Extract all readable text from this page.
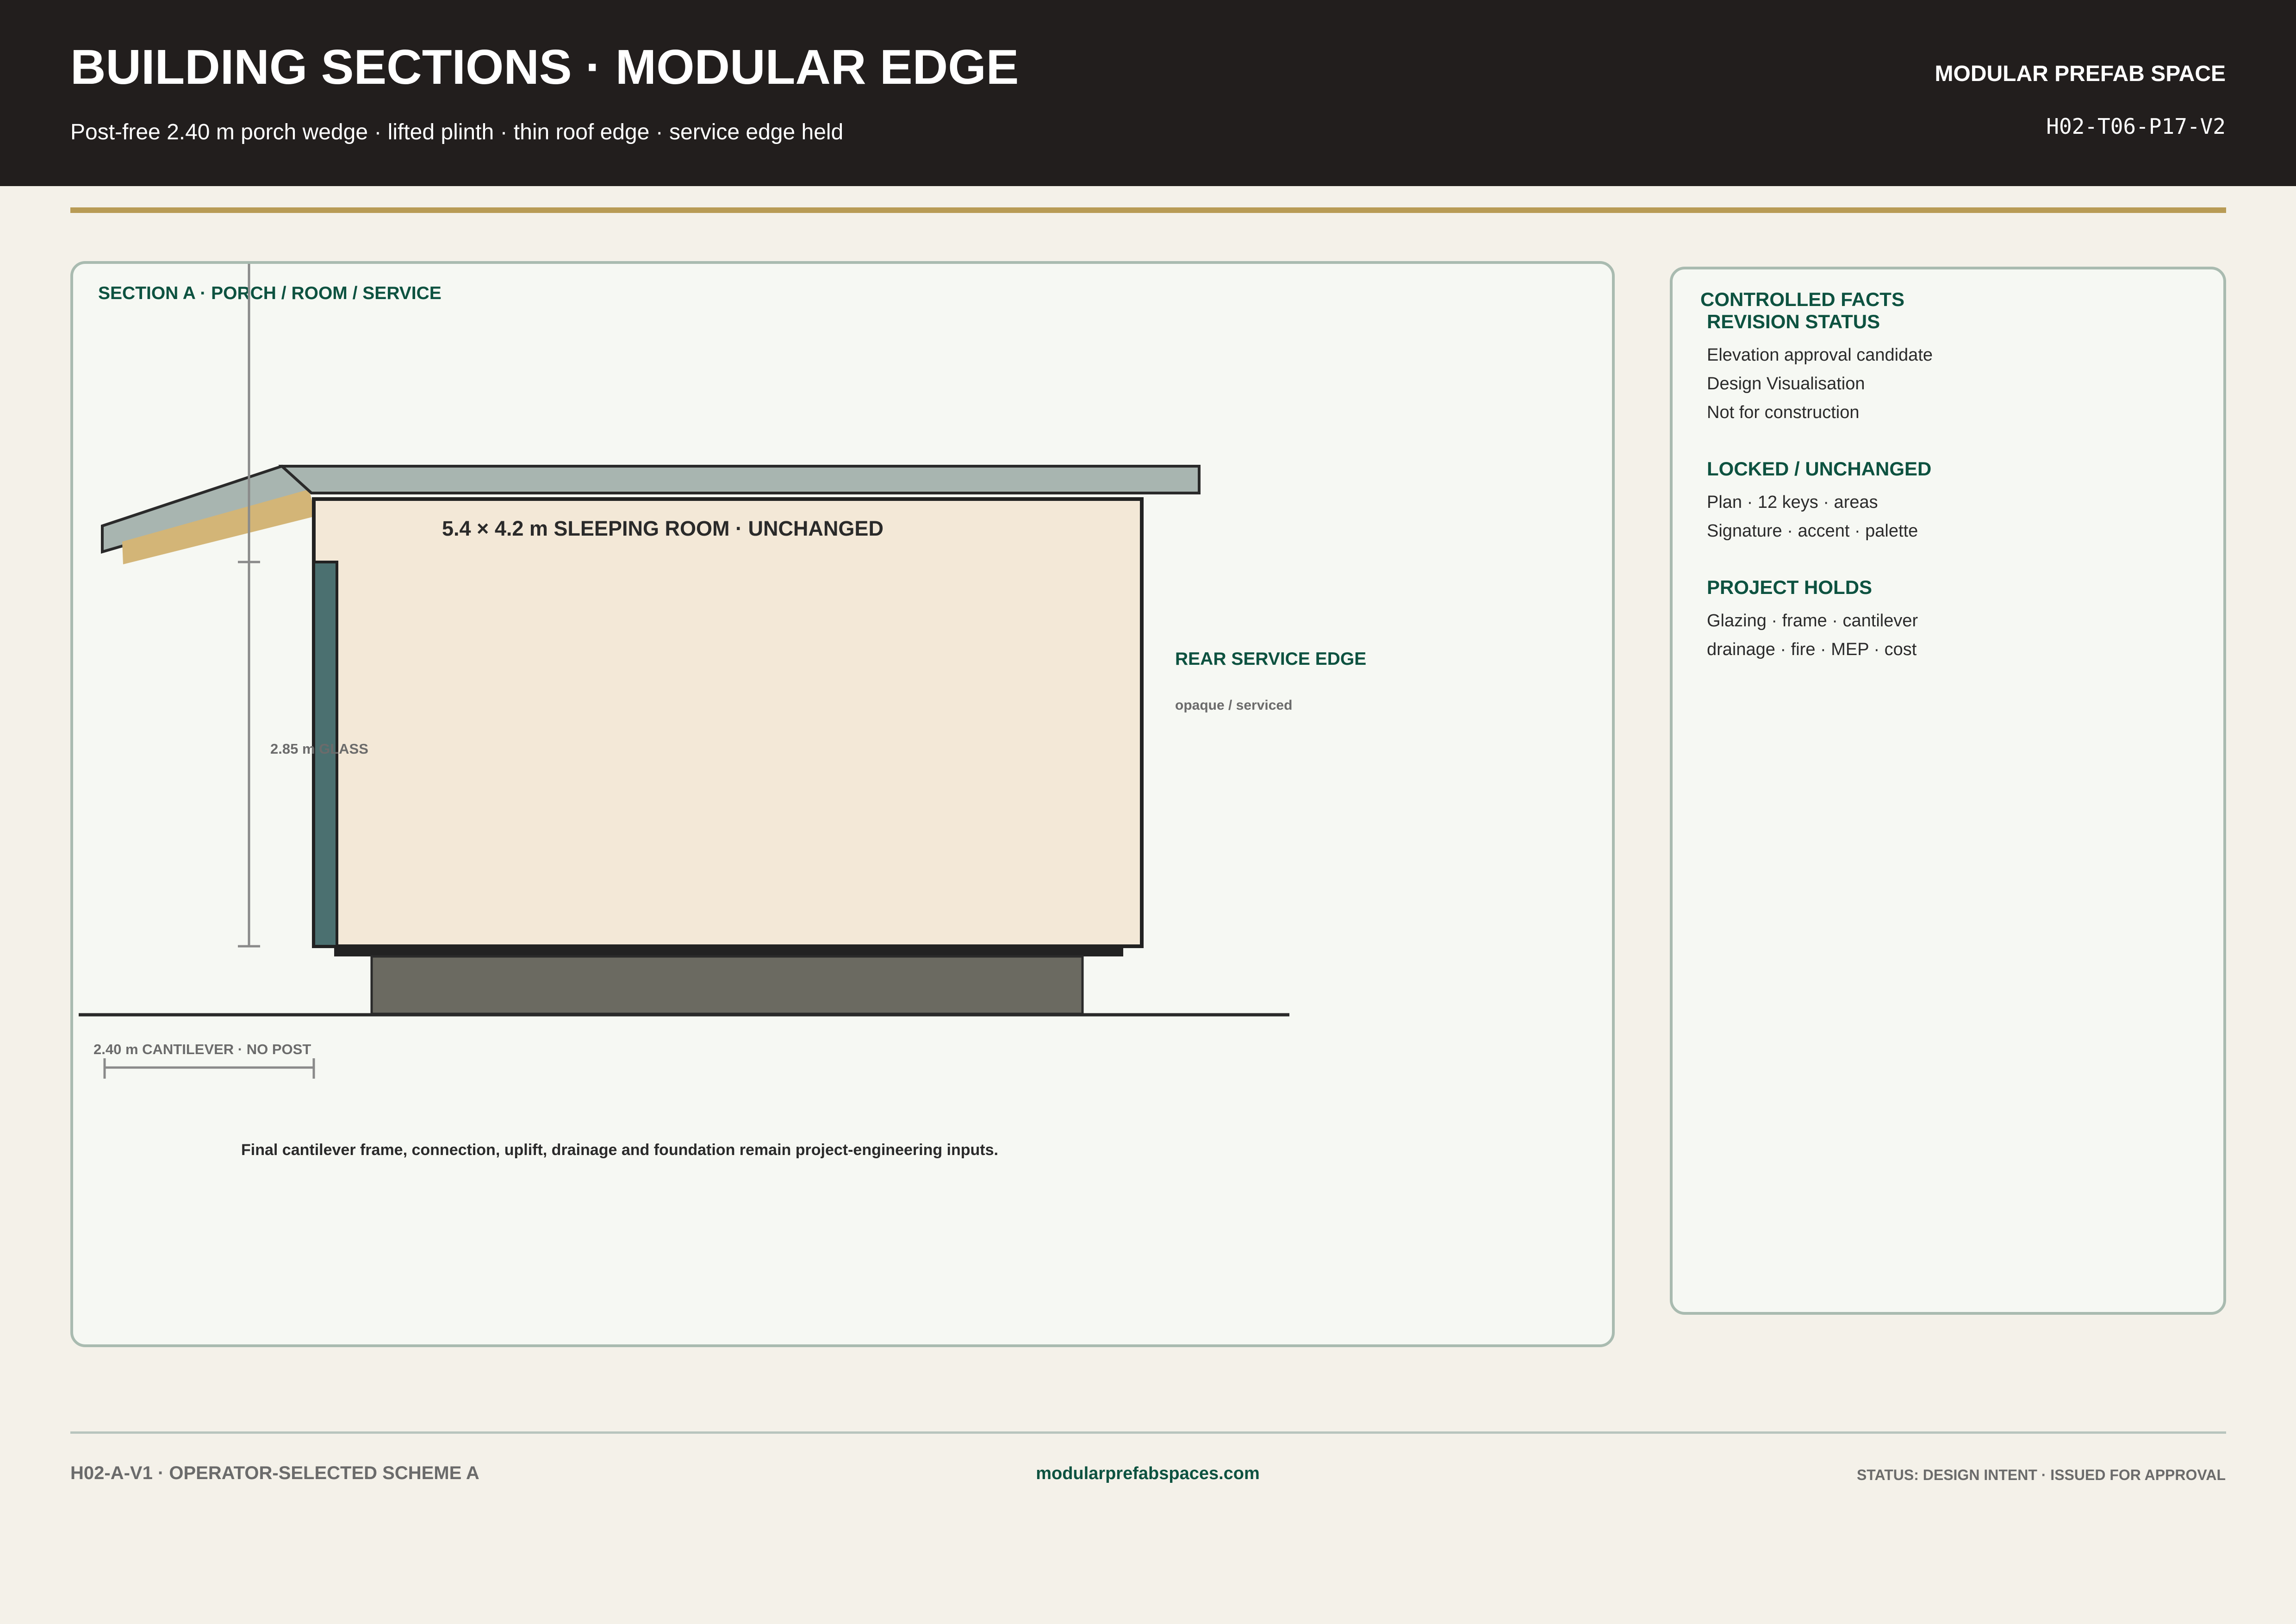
BUILDING SECTIONS · MODULAR EDGE
Post-free 2.40 m porch wedge · lifted plinth · thin roof edge · service edge held
MODULAR PREFAB SPACE
H02-T06-P17-V2
SECTION A · PORCH / ROOM / SERVICE
5.4 × 4.2 m SLEEPING ROOM · UNCHANGED
2.85 m GLASS
REAR SERVICE EDGE
opaque / serviced
2.40 m CANTILEVER · NO POST
Final cantilever frame, connection, uplift, drainage and foundation remain project-engineering inputs.
CONTROLLED FACTS
REVISION STATUS
Elevation approval candidate
Design Visualisation
Not for construction
LOCKED / UNCHANGED
Plan · 12 keys · areas
Signature · accent · palette
PROJECT HOLDS
Glazing · frame · cantilever
drainage · fire · MEP · cost
H02-A-V1 · OPERATOR-SELECTED SCHEME A	modularprefabspaces.com	STATUS: DESIGN INTENT · ISSUED FOR APPROVAL
